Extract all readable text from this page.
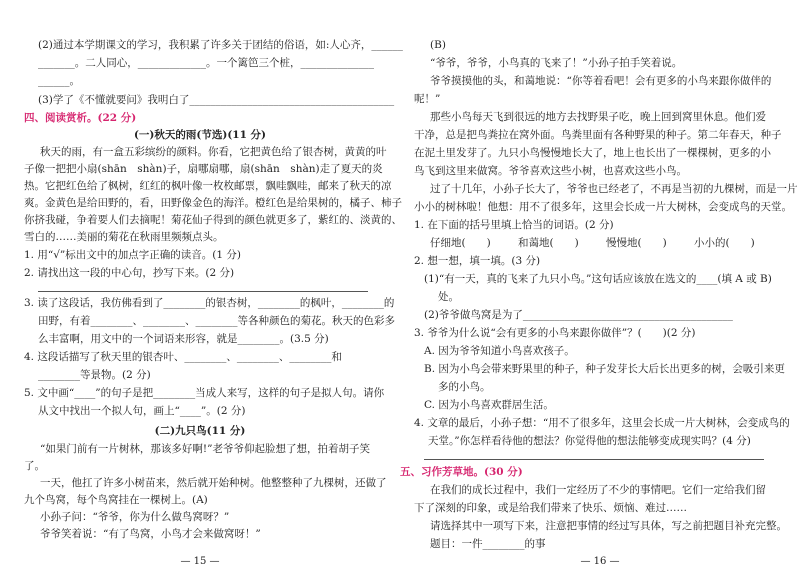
(2)通过本学期课文的学习，我积累了许多关于团结的俗语，如:人心齐，______
_______。二人同心，_____________。一个篱笆三个桩，______________
______。
(3)学了《不懂就要问》我明白了_______________________________________
四、阅读赏析。(22 分)
(一)秋天的雨(节选)(11 分)
秋天的雨，有一盒五彩缤纷的颜料。你看，它把黄色给了银杏树，黄黄的叶
子像一把把小扇(shān　shàn)子，扇哪扇哪，扇(shān　shàn)走了夏天的炎
热。它把红色给了枫树，红红的枫叶像一枚枚邮票，飘哇飘哇，邮来了秋天的凉
爽。金黄色是给田野的，看，田野像金色的海洋。橙红色是给果树的，橘子、柿子
你挤我碰，争着要人们去摘呢！菊花仙子得到的颜色就更多了，紫红的、淡黄的、
雪白的……美丽的菊花在秋雨里频频点头。
1. 用“√”标出文中的加点字正确的读音。(1 分)
2. 请找出这一段的中心句，抄写下来。(2 分)
3. 读了这段话，我仿佛看到了________的银杏树，________的枫叶，________的
田野，有着________、________、________等各种颜色的菊花。秋天的色彩多
么丰富啊，用文中的一个词语来形容，就是________。(3.5 分)
4. 这段话描写了秋天里的银杏叶、________、________、________和
________等景物。(2 分)
5. 文中画“____”的句子是把________当成人来写，这样的句子是拟人句。请你
从文中找出一个拟人句，画上“____”。(2 分)
(二)九只鸟(11 分)
“如果门前有一片树林，那该多好啊!”老爷爷仰起脸想了想，拍着胡子笑
了。
一天，他扛了许多小树苗来，然后就开始种树。他整整种了九棵树，还做了
九个鸟窝，每个鸟窝挂在一棵树上。(A)
小孙子问：“爷爷，你为什么做鸟窝呀？”
爷爷笑着说：“有了鸟窝，小鸟才会来做窝呀！”
— 15 —
(B)
“爷爷，爷爷，小鸟真的飞来了！”小孙子拍手笑着说。
爷爷摸摸他的头，和蔼地说：“你等着看吧！会有更多的小鸟来跟你做伴的
呢！”
那些小鸟每天飞到很远的地方去找野果子吃，晚上回到窝里休息。他们爱
干净，总是把鸟粪拉在窝外面。鸟粪里面有各种野果的种子。第二年春天，种子
在泥土里发芽了。九只小鸟慢慢地长大了，地上也长出了一棵棵树，更多的小
鸟飞到这里来做窝。爷爷喜欢这些小树，也喜欢这些小鸟。
过了十几年，小孙子长大了，爷爷也已经老了，不再是当初的九棵树，而是一片
小小的树林啦！他想：用不了很多年，这里会长成一片大树林，会变成鸟的天堂。
1. 在下面的括号里填上恰当的词语。(2 分)
仔细地(　　)	和蔼地(　　)	慢慢地(　　)	小小的(　　)
2. 想一想，填一填。(3 分)
(1)“有一天，真的飞来了九只小鸟。”这句话应该放在选文的____(填 A 或 B)
处。
(2)爷爷做鸟窝是为了________________________________________
3. 爷爷为什么说“会有更多的小鸟来跟你做伴”？(　　)(2 分)
A. 因为爷爷知道小鸟喜欢孩子。
B. 因为小鸟会带来野果里的种子，种子发芽长大后长出更多的树，会吸引来更
多的小鸟。
C. 因为小鸟喜欢群居生活。
4. 文章的最后，小孙子想：“用不了很多年，这里会长成一片大树林，会变成鸟的
天堂。”你怎样看待他的想法？你觉得他的想法能够变成现实吗？(4 分)
五、习作芳草地。(30 分)
在我们的成长过程中，我们一定经历了不少的事情吧。它们一定给我们留
下了深刻的印象，或是给我们带来了快乐、烦恼、难过……
请选择其中一项写下来，注意把事情的经过写具体，写之前把题目补充完整。
题目：一件________的事
— 16 —
